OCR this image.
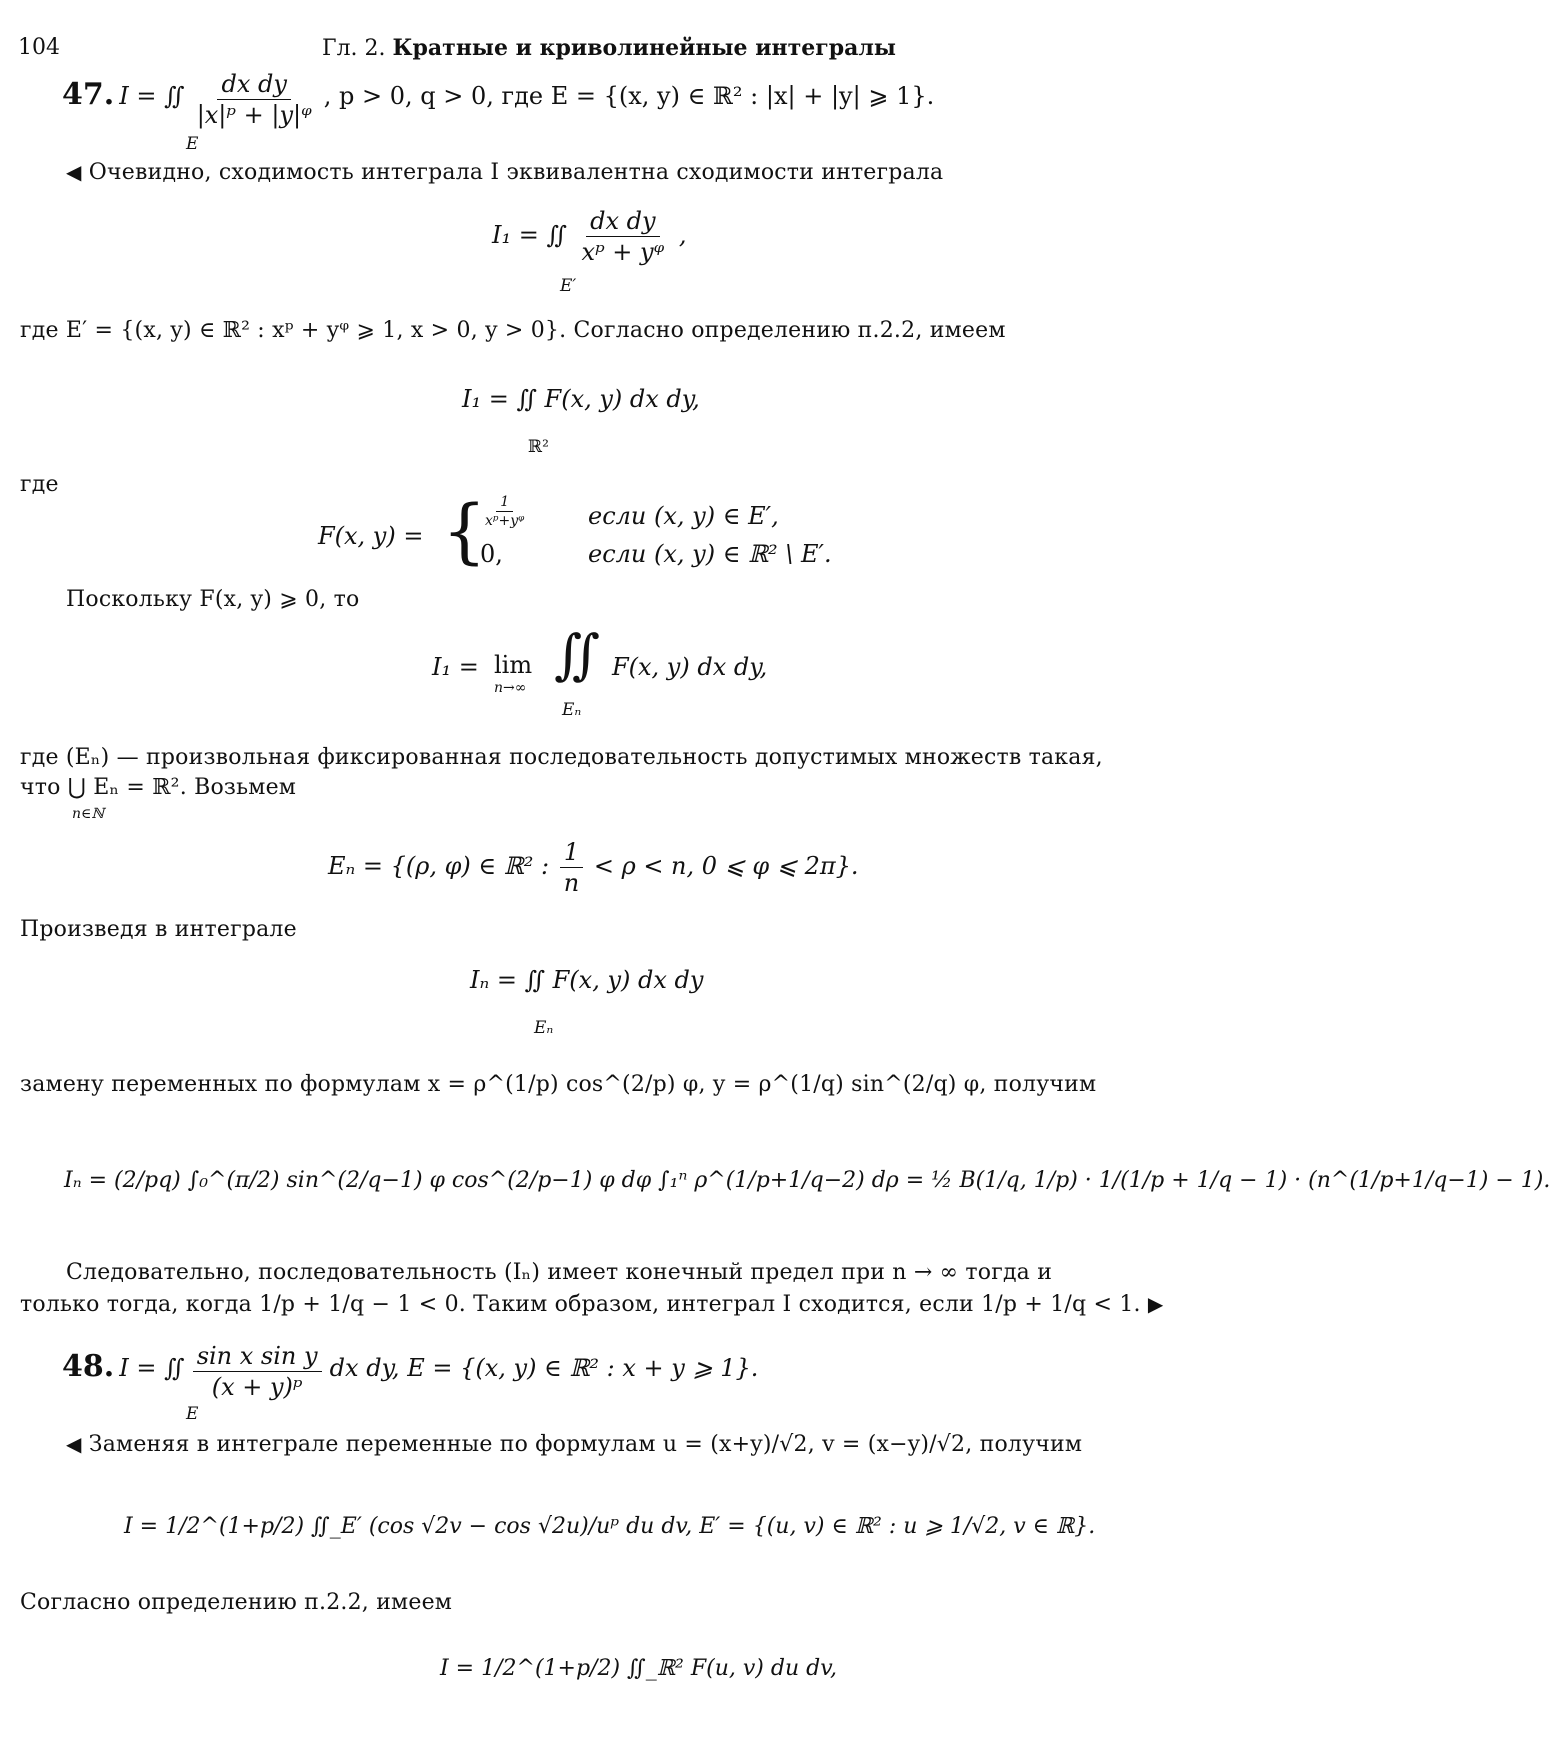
104	Гл. 2. Кратные и криволинейные интегралы
47. I = ∬ $\frac{\text{dx dy}}{\text{|x|ᵖ + |y|ᵠ}}$ , p > 0, q > 0, где E = {(x, y) ∈ ℝ² : |x| + |y| ⩾ 1}.
E
◀ Очевидно, сходимость интеграла I эквивалентна сходимости интеграла
I₁ = ∬ $\frac{\text{dx dy}}{\text{xᵖ + yᵠ}}$ ,
E′
где E′ = {(x, y) ∈ ℝ² : xᵖ + yᵠ ⩾ 1, x > 0, y > 0}. Согласно определению п.2.2, имеем
I₁ = ∬ F(x, y) dx dy,
ℝ²
где
F(x, y) = {
$\frac{1}{\text{xᵖ+yᵠ}}$ если (x, y) ∈ E′,
0,	если (x, y) ∈ ℝ² \ E′.
Поскольку F(x, y) ⩾ 0, то
I₁ = lim
n→∞
∬ F(x, y) dx dy,
Eₙ
где (Eₙ) — произвольная фиксированная последовательность допустимых множеств такая,
что ⋃ Eₙ = ℝ². Возьмем
n∈ℕ
Eₙ = {(ρ, φ) ∈ ℝ² : $\frac{1}{n} < \rho < n$, 0 ⩽ φ ⩽ 2π}.
Произведя в интеграле
Iₙ = ∬ F(x, y) dx dy
Eₙ
замену переменных по формулам x = ρ^(1/p) cos^(2/p) φ, y = ρ^(1/q) sin^(2/q) φ, получим
Iₙ = (2/pq) ∫₀^(π/2) sin^(2/q−1) φ cos^(2/p−1) φ dφ ∫₁ⁿ ρ^(1/p+1/q−2) dρ = ½ B(1/q, 1/p) · 1/(1/p + 1/q − 1) · (n^(1/p+1/q−1) − 1).
Следовательно, последовательность (Iₙ) имеет конечный предел при n → ∞ тогда и
только тогда, когда 1/p + 1/q − 1 < 0. Таким образом, интеграл I сходится, если 1/p + 1/q < 1. ▶
48. I = ∬ $\frac{\text{sin x sin y}}{\text{(x + y)ᵖ}}$ dx dy, E = {(x, y) ∈ ℝ² : x + y ⩾ 1}.
E
◀ Заменяя в интеграле переменные по формулам u = (x+y)/√2, v = (x−y)/√2, получим
I = 1/2^(1+p/2) ∬_E′ (cos √2v − cos √2u)/uᵖ du dv, E′ = {(u, v) ∈ ℝ² : u ⩾ 1/√2, v ∈ ℝ}.
Согласно определению п.2.2, имеем
I = 1/2^(1+p/2) ∬_ℝ² F(u, v) du dv,
